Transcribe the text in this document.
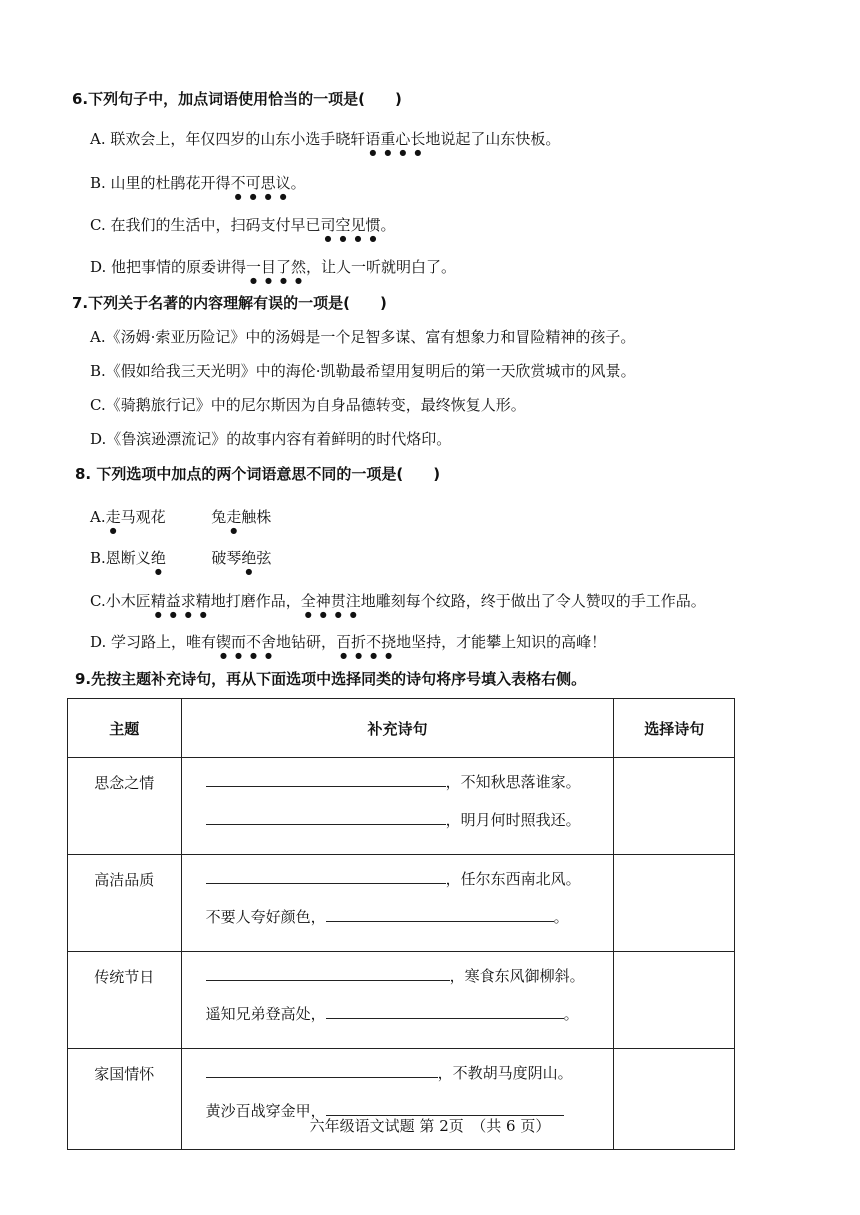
6.下列句子中，加点词语使用恰当的一项是(　　)
A. 联欢会上，年仅四岁的山东小选手晓轩语重心长地说起了山东快板。
B. 山里的杜鹃花开得不可思议。
C. 在我们的生活中，扫码支付早已司空见惯。
D. 他把事情的原委讲得一目了然，让人一听就明白了。
7.下列关于名著的内容理解有误的一项是(　　)
A.《汤姆·索亚历险记》中的汤姆是一个足智多谋、富有想象力和冒险精神的孩子。
B.《假如给我三天光明》中的海伦·凯勒最希望用复明后的第一天欣赏城市的风景。
C.《骑鹅旅行记》中的尼尔斯因为自身品德转变，最终恢复人形。
D.《鲁滨逊漂流记》的故事内容有着鲜明的时代烙印。
8. 下列选项中加点的两个词语意思不同的一项是(　　)
A.走马观花	兔走触株
B.恩断义绝	破琴绝弦
C.小木匠精益求精地打磨作品，全神贯注地雕刻每个纹路，终于做出了令人赞叹的手工作品。
D. 学习路上，唯有锲而不舍地钻研，百折不挠地坚持，才能攀上知识的高峰！
9.先按主题补充诗句，再从下面选项中选择同类的诗句将序号填入表格右侧。
主题	补充诗句	选择诗句
思念之情	，不知秋思落谁家。
，明月何时照我还。	

高洁品质	，任尔东西南北风。
不要人夸好颜色， 。	

传统节日	，寒食东风御柳斜。
遥知兄弟登高处， 。	

家国情怀	，不教胡马度阴山。
黄沙百战穿金甲，	

六年级语文试题 第 2页　（共 6 页）
